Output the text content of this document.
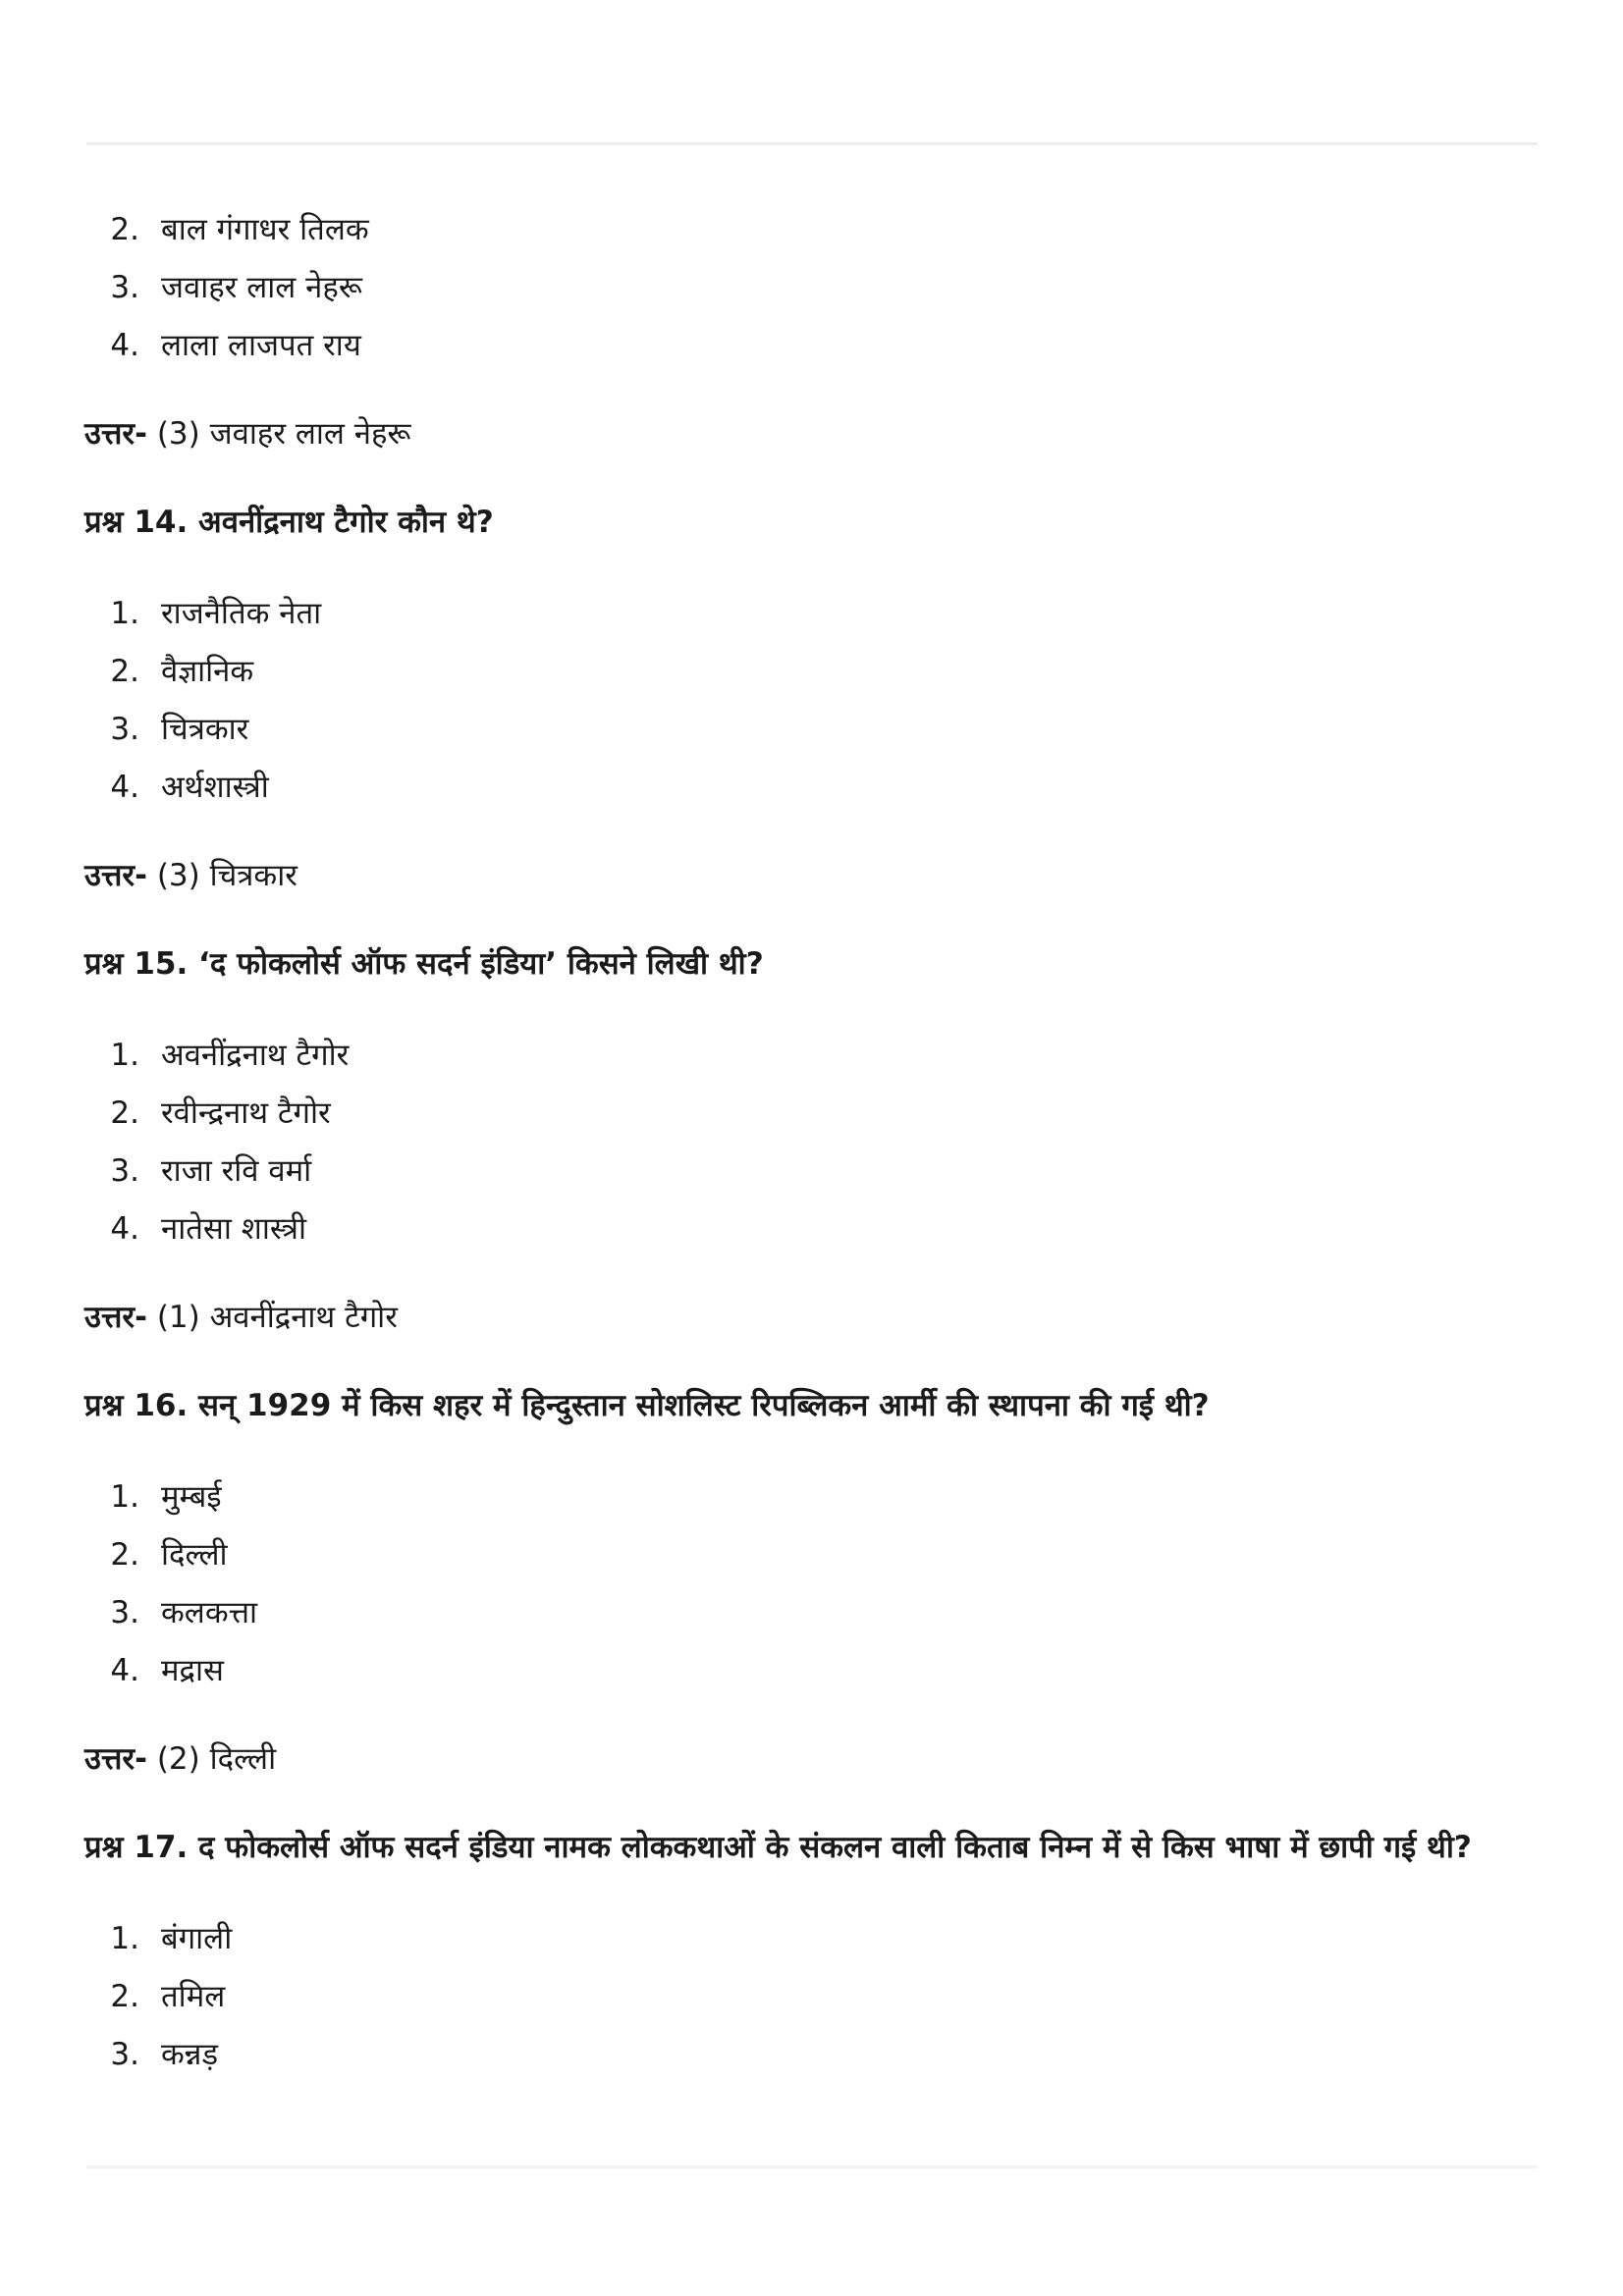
2. बाल गंगाधर तिलक
3. जवाहर लाल नेहरू
4. लाला लाजपत राय
उत्तर- (3) जवाहर लाल नेहरू
प्रश्न 14. अवनींद्रनाथ टैगोर कौन थे?
1. राजनैतिक नेता
2. वैज्ञानिक
3. चित्रकार
4. अर्थशास्त्री
उत्तर- (3) चित्रकार
प्रश्न 15. ‘द फोकलोर्स ऑफ सदर्न इंडिया’ किसने लिखी थी?
1. अवनींद्रनाथ टैगोर
2. रवीन्द्रनाथ टैगोर
3. राजा रवि वर्मा
4. नातेसा शास्त्री
उत्तर- (1) अवनींद्रनाथ टैगोर
प्रश्न 16. सन् 1929 में किस शहर में हिन्दुस्तान सोशलिस्ट रिपब्लिकन आर्मी की स्थापना की गई थी?
1. मुम्बई
2. दिल्ली
3. कलकत्ता
4. मद्रास
उत्तर- (2) दिल्ली
प्रश्न 17. द फोकलोर्स ऑफ सदर्न इंडिया नामक लोककथाओं के संकलन वाली किताब निम्न में से किस भाषा में छापी गई थी?
1. बंगाली
2. तमिल
3. कन्नड़
